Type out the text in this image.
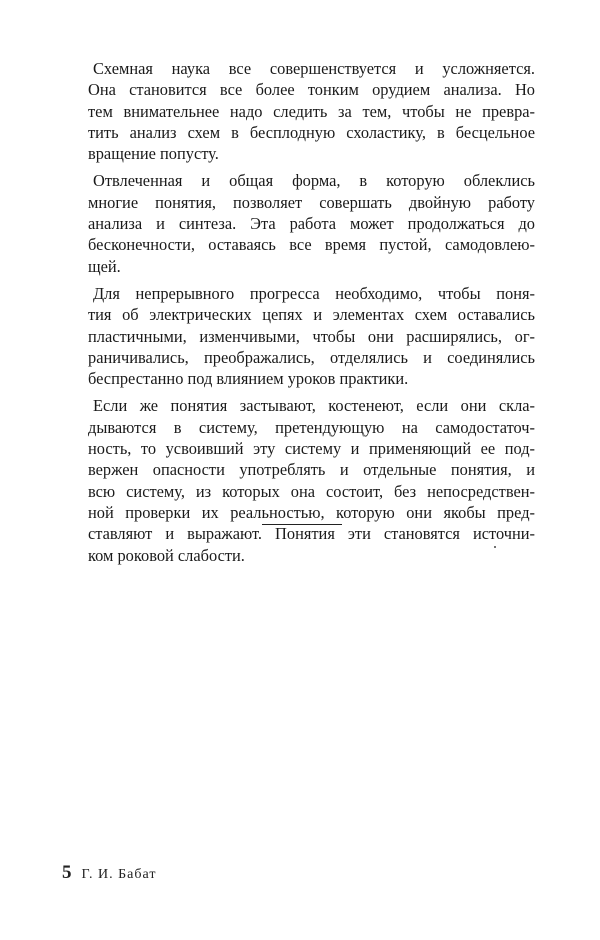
Схемная наука все совершенствуется и усложняется.
Она становится все более тонким орудием анализа. Но
тем внимательнее надо следить за тем, чтобы не превра-
тить анализ схем в бесплодную схоластику, в бесцельное
вращение попусту.

Отвлеченная и общая форма, в которую облеклись
многие понятия, позволяет совершать двойную работу
анализа и синтеза. Эта работа может продолжаться до
бесконечности, оставаясь все время пустой, самодовлею-
щей.

Для непрерывного прогресса необходимо, чтобы поня-
тия об электрических цепях и элементах схем оставались
пластичными, изменчивыми, чтобы они расширялись, ог-
раничивались, преображались, отделялись и соединялись
беспрестанно под влиянием уроков практики.

Если же понятия застывают, костенеют, если они скла-
дываются в систему, претендующую на самодостаточ-
ность, то усвоивший эту систему и применяющий ее под-
вержен опасности употреблять и отдельные понятия, и
всю систему, из которых она состоит, без непосредствен-
ной проверки их реальностью, которую они якобы пред-
ставляют и выражают. Понятия эти становятся источни-
ком роковой слабости.

5 Г. И. Бабат
